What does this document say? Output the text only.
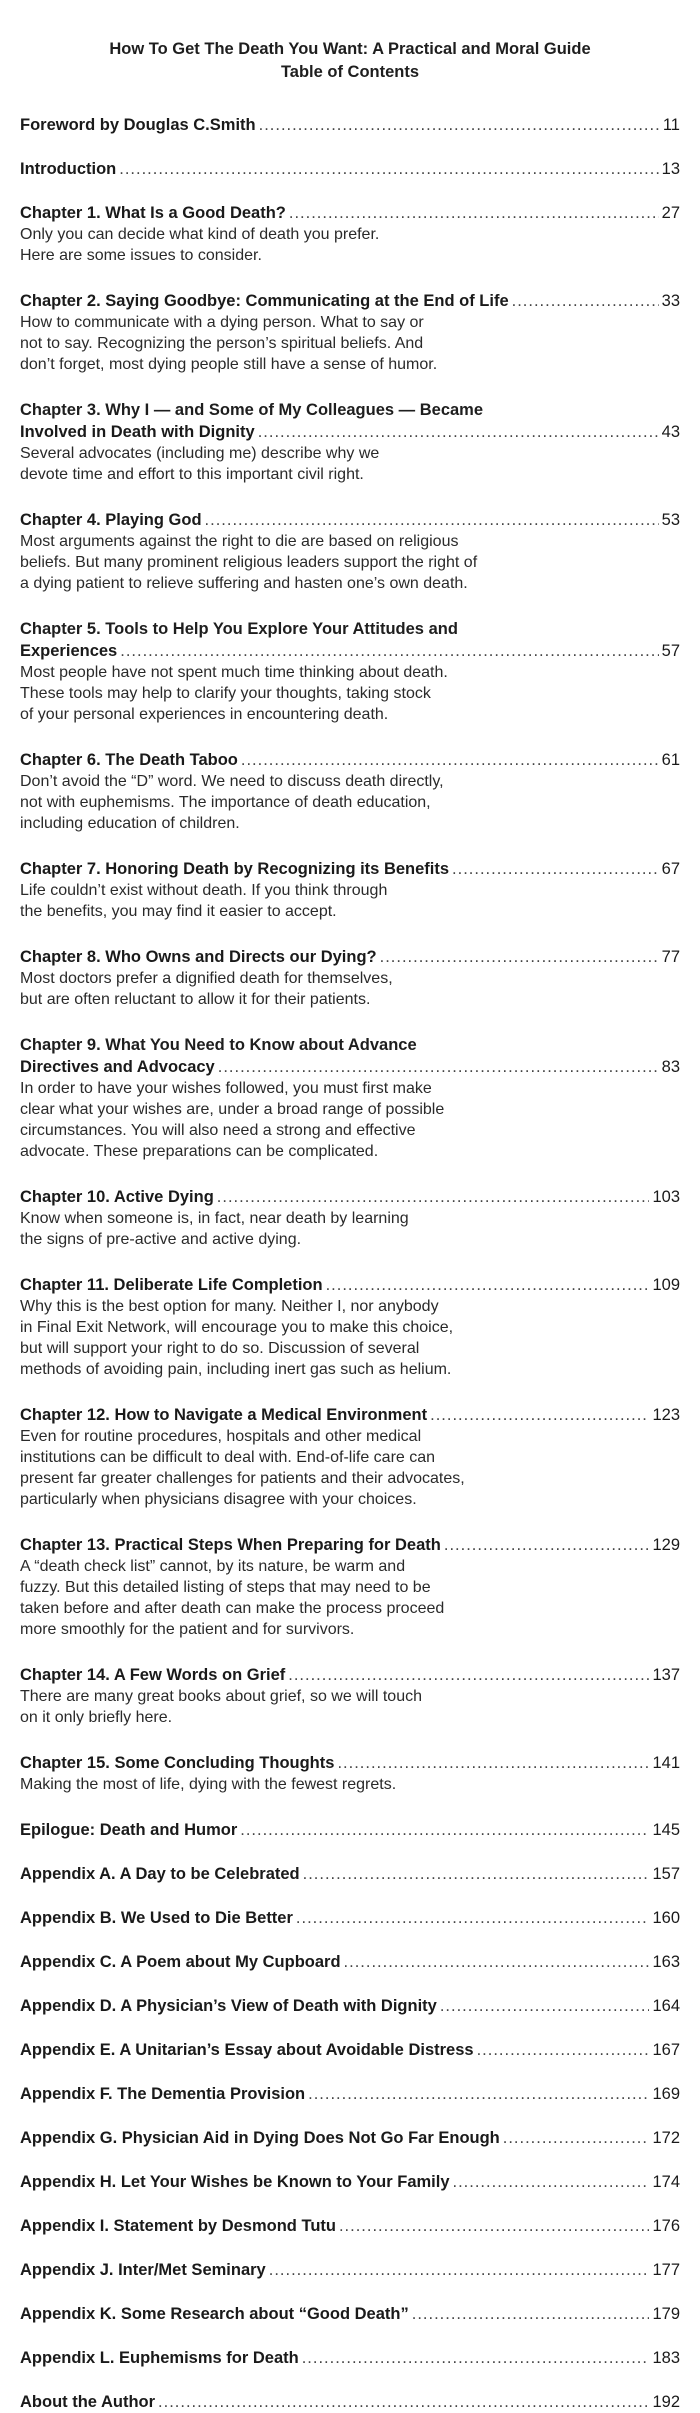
How To Get The Death You Want: A Practical and Moral Guide
Table of Contents
Foreword by Douglas C.Smith .....	11
Introduction .....	13
Chapter 1. What Is a Good Death? .....	27
Only you can decide what kind of death you prefer.
Here are some issues to consider.
Chapter 2. Saying Goodbye: Communicating at the End of Life .....	33
How to communicate with a dying person. What to say or
not to say. Recognizing the person’s spiritual beliefs. And
don’t forget, most dying people still have a sense of humor.
Chapter 3. Why I — and Some of My Colleagues — Became
Involved in Death with Dignity .....	43
Several advocates (including me) describe why we
devote time and effort to this important civil right.
Chapter 4. Playing God .....	53
Most arguments against the right to die are based on religious
beliefs. But many prominent religious leaders support the right of
a dying patient to relieve suffering and hasten one’s own death.
Chapter 5. Tools to Help You Explore Your Attitudes and
Experiences .....	57
Most people have not spent much time thinking about death.
These tools may help to clarify your thoughts, taking stock
of your personal experiences in encountering death.
Chapter 6. The Death Taboo .....	61
Don’t avoid the “D” word. We need to discuss death directly,
not with euphemisms. The importance of death education,
including education of children.
Chapter 7. Honoring Death by Recognizing its Benefits .....	67
Life couldn’t exist without death. If you think through
the benefits, you may find it easier to accept.
Chapter 8. Who Owns and Directs our Dying? .....	77
Most doctors prefer a dignified death for themselves,
but are often reluctant to allow it for their patients.
Chapter 9. What You Need to Know about Advance
Directives and Advocacy .....	83
In order to have your wishes followed, you must first make
clear what your wishes are, under a broad range of possible
circumstances. You will also need a strong and effective
advocate. These preparations can be complicated.
Chapter 10. Active Dying .....	103
Know when someone is, in fact, near death by learning
the signs of pre-active and active dying.
Chapter 11. Deliberate Life Completion .....	109
Why this is the best option for many. Neither I, nor anybody
in Final Exit Network, will encourage you to make this choice,
but will support your right to do so. Discussion of several
methods of avoiding pain, including inert gas such as helium.
Chapter 12. How to Navigate a Medical Environment .....	123
Even for routine procedures, hospitals and other medical
institutions can be difficult to deal with. End-of-life care can
present far greater challenges for patients and their advocates,
particularly when physicians disagree with your choices.
Chapter 13. Practical Steps When Preparing for Death .....	129
A “death check list” cannot, by its nature, be warm and
fuzzy. But this detailed listing of steps that may need to be
taken before and after death can make the process proceed
more smoothly for the patient and for survivors.
Chapter 14. A Few Words on Grief .....	137
There are many great books about grief, so we will touch
on it only briefly here.
Chapter 15. Some Concluding Thoughts .....	141
Making the most of life, dying with the fewest regrets.
Epilogue: Death and Humor .....	145
Appendix A. A Day to be Celebrated .....	157
Appendix B. We Used to Die Better .....	160
Appendix C. A Poem about My Cupboard .....	163
Appendix D. A Physician’s View of Death with Dignity .....	164
Appendix E. A Unitarian’s Essay about Avoidable Distress .....	167
Appendix F. The Dementia Provision .....	169
Appendix G. Physician Aid in Dying Does Not Go Far Enough .....	172
Appendix H. Let Your Wishes be Known to Your Family .....	174
Appendix I. Statement by Desmond Tutu .....	176
Appendix J. Inter/Met Seminary .....	177
Appendix K. Some Research about “Good Death” .....	179
Appendix L. Euphemisms for Death .....	183
About the Author .....	192
